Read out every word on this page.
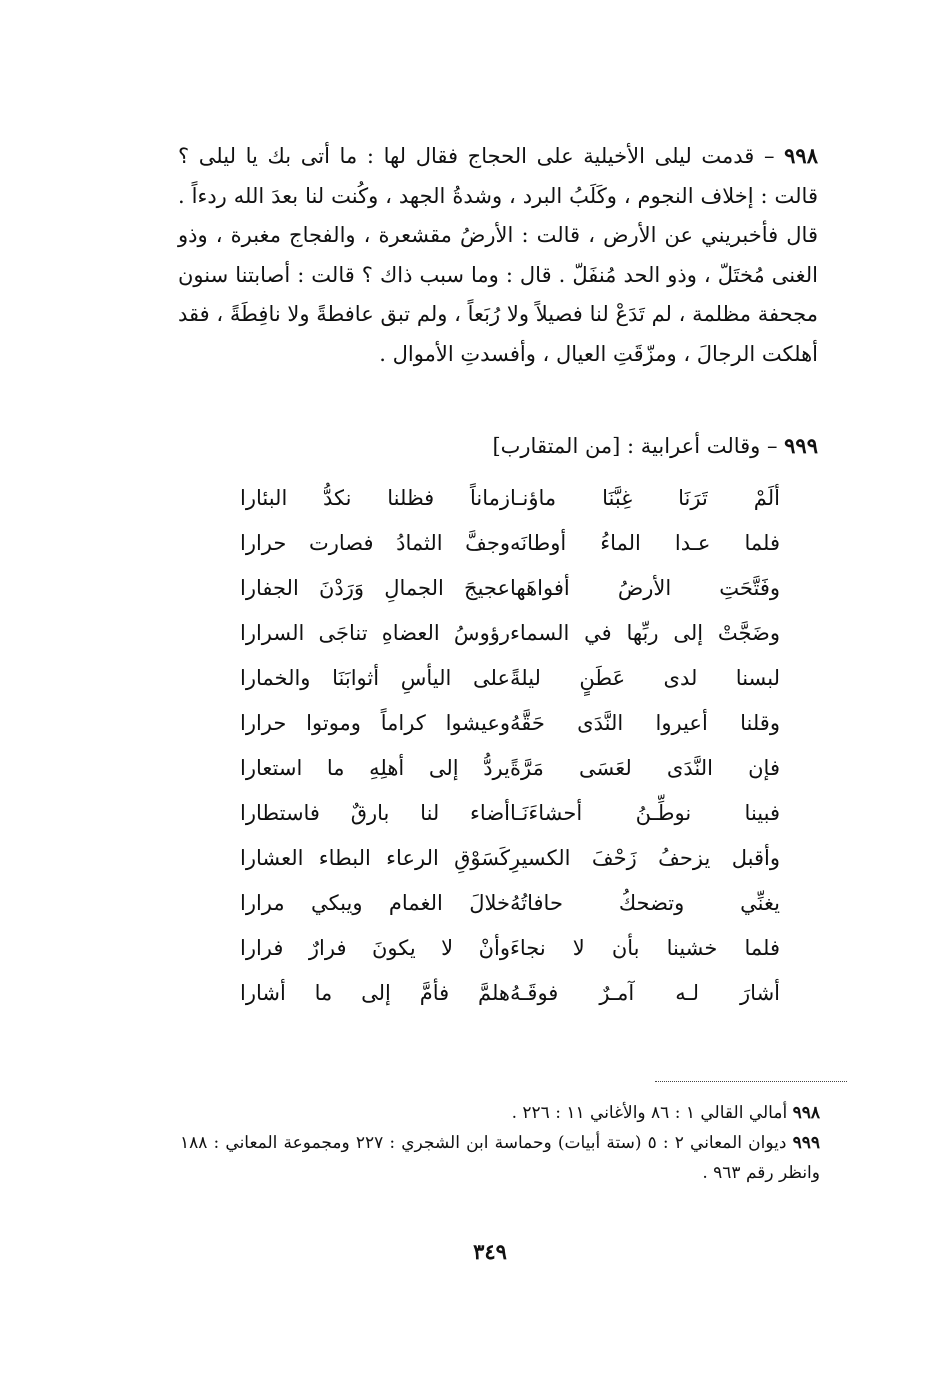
٩٩٨ – قدمت ليلى الأخيلية على الحجاج فقال لها : ما أتى بك يا ليلى ؟ قالت : إخلاف النجوم ، وكَلَبُ البرد ، وشدةُ الجهد ، وكُنت لنا بعدَ الله ردءاً . قال فأخبريني عن الأرض ، قالت : الأرضُ مقشعرة ، والفجاج مغبرة ، وذو الغنى مُختَلّ ، وذو الحد مُنفَلّ . قال : وما سبب ذاك ؟ قالت : أصابتنا سنون مجحفة مظلمة ، لم تَدَعْ لنا فصيلاً ولا رُبَعاً ، ولم تبق عافطةً ولا نافِطَةً ، فقد أهلكت الرجالَ ، ومزّقَتِ العيال ، وأفسدتِ الأموال .

٩٩٩ – وقالت أعرابية : [من المتقارب]

ألَمْ تَرَنَا غِبَّنَا ماؤنـا
زماناً فظلنا نكدُّ البئارا
فلما عـدا الماءُ أوطانَه
وجفَّ الثمادُ فصارت حرارا
وفَتَّحَتِ الأرضُ أفواهَها
عجيجَ الجمالِ وَرَدْنَ الجفارا
وضَجَّتْ إلى ربِّها في السماء
رؤوسُ العضاهِ تناجَى السرارا
لبسنا لدى عَطَنٍ ليلةً
على اليأسِ أثوابَنَا والخمارا
وقلنا أعيروا النَّدَى حَقَّهُ
وعيشوا كراماً وموتوا حرارا
فإن النَّدَى لعَسَى مَرَّةً
يردُّ إلى أهلِهِ ما استعارا
فبينا نوطِّـنُ أحشاءَنَـا
أضاء لنا بارقٌ فاستطارا
وأقبل يزحفُ زَحْفَ الكسيرِ
كَسَوْقِ الرعاء البطاء العشارا
يغنِّي وتضحكُ حافاتُهُ
خلالَ الغمام ويبكي مرارا
فلما خشينا بأن لا نجاءَ
وأنْ لا يكونَ فرارٌ فرارا
أشارَ لـه آمـرٌ فوقَـهُ
هلمَّ فأمَّ إلى ما أشارا

٩٩٨ أمالي القالي ١ : ٨٦ والأغاني ١١ : ٢٢٦ .

٩٩٩ ديوان المعاني ٢ : ٥ (ستة أبيات) وحماسة ابن الشجري : ٢٢٧ ومجموعة المعاني : ١٨٨ وانظر رقم ٩٦٣ .

٣٤٩
